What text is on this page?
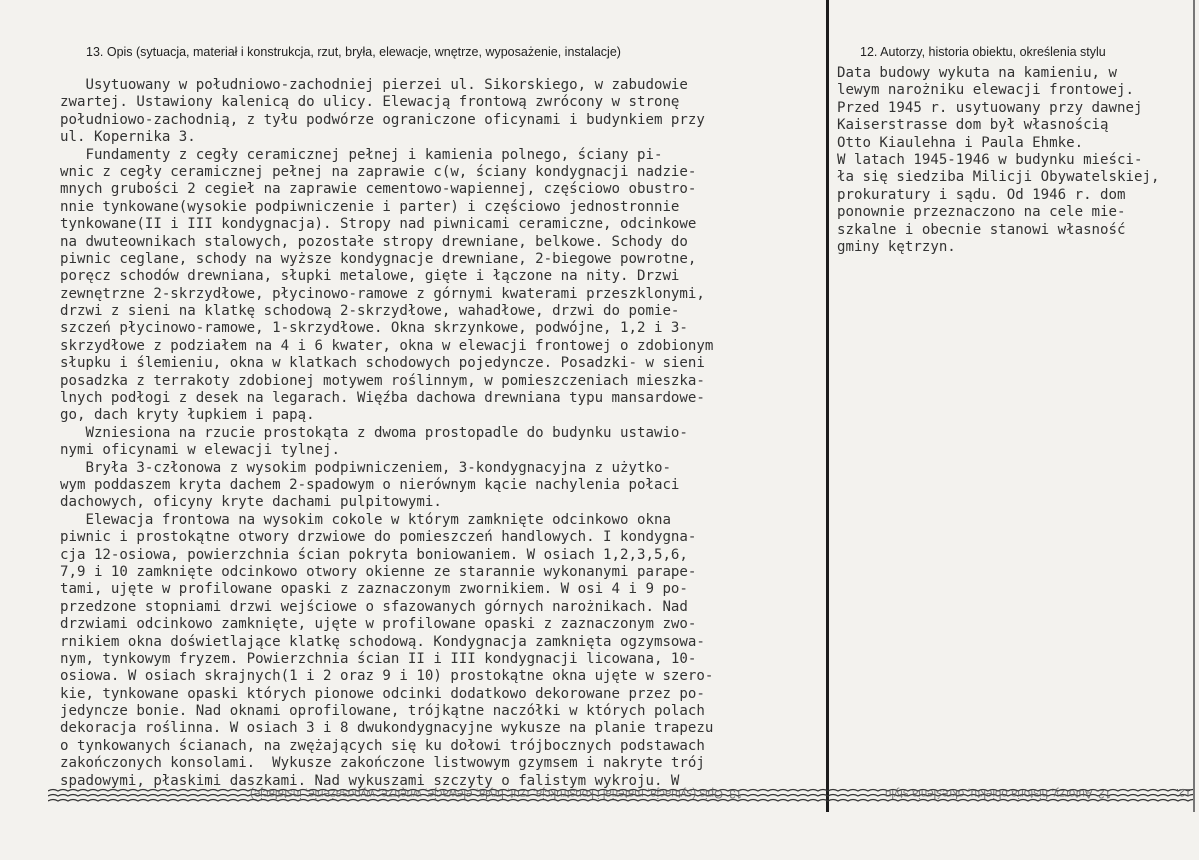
13. Opis (sytuacja, materiał i konstrukcja, rzut, bryła, elewacje, wnętrze, wyposażenie, instalacje)	12. Autorzy, historia obiektu, określenia stylu
Usytuowany w południowo-zachodniej pierzei ul. Sikorskiego, w zabudowie
zwartej. Ustawiony kalenicą do ulicy. Elewacją frontową zwrócony w stronę
południowo-zachodnią, z tyłu podwórze ograniczone oficynami i budynkiem przy
ul. Kopernika 3.
Fundamenty z cegły ceramicznej pełnej i kamienia polnego, ściany pi-
wnic z cegły ceramicznej pełnej na zaprawie c(w, ściany kondygnacji nadzie-
mnych grubości 2 cegieł na zaprawie cementowo-wapiennej, częściowo obustro-
nnie tynkowane(wysokie podpiwniczenie i parter) i częściowo jednostronnie
tynkowane(II i III kondygnacja). Stropy nad piwnicami ceramiczne, odcinkowe
na dwuteownikach stalowych, pozostałe stropy drewniane, belkowe. Schody do
piwnic ceglane, schody na wyższe kondygnacje drewniane, 2-biegowe powrotne,
poręcz schodów drewniana, słupki metalowe, gięte i łączone na nity. Drzwi
zewnętrzne 2-skrzydłowe, płycinowo-ramowe z górnymi kwaterami przeszklonymi,
drzwi z sieni na klatkę schodową 2-skrzydłowe, wahadłowe, drzwi do pomie-
szczeń płycinowo-ramowe, 1-skrzydłowe. Okna skrzynkowe, podwójne, 1,2 i 3-
skrzydłowe z podziałem na 4 i 6 kwater, okna w elewacji frontowej o zdobionym
słupku i ślemieniu, okna w klatkach schodowych pojedyncze. Posadzki- w sieni
posadzka z terrakoty zdobionej motywem roślinnym, w pomieszczeniach mieszka-
lnych podłogi z desek na legarach. Więźba dachowa drewniana typu mansardowe-
go, dach kryty łupkiem i papą.
Wzniesiona na rzucie prostokąta z dwoma prostopadle do budynku ustawio-
nymi oficynami w elewacji tylnej.
Bryła 3-członowa z wysokim podpiwniczeniem, 3-kondygnacyjna z użytko-
wym poddaszem kryta dachem 2-spadowym o nierównym kącie nachylenia połaci
dachowych, oficyny kryte dachami pulpitowymi.
Elewacja frontowa na wysokim cokole w którym zamknięte odcinkowo okna
piwnic i prostokątne otwory drzwiowe do pomieszczeń handlowych. I kondygna-
cja 12-osiowa, powierzchnia ścian pokryta boniowaniem. W osiach 1,2,3,5,6,
7,9 i 10 zamknięte odcinkowo otwory okienne ze starannie wykonanymi parape-
tami, ujęte w profilowane opaski z zaznaczonym zwornikiem. W osi 4 i 9 po-
przedzone stopniami drzwi wejściowe o sfazowanych górnych narożnikach. Nad
drzwiami odcinkowo zamknięte, ujęte w profilowane opaski z zaznaczonym zwo-
rnikiem okna doświetlające klatkę schodową. Kondygnacja zamknięta ogzymsowa-
nym, tynkowym fryzem. Powierzchnia ścian II i III kondygnacji licowana, 10-
osiowa. W osiach skrajnych(1 i 2 oraz 9 i 10) prostokątne okna ujęte w szero-
kie, tynkowane opaski których pionowe odcinki dodatkowo dekorowane przez po-
jedyncze bonie. Nad oknami oprofilowane, trójkątne naczółki w których polach
dekoracja roślinna. W osiach 3 i 8 dwukondygnacyjne wykusze na planie trapezu
o tynkowanych ścianach, na zwężających się ku dołowi trójbocznych podstawach
zakończonych konsolami.  Wykusze zakończone listwowym gzymsem i nakryte trój
spadowymi, płaskimi daszkami. Nad wykuszami szczyty o falistym wykroju. W
Data budowy wykuta na kamieniu, w
lewym narożniku elewacji frontowej.
Przed 1945 r. usytuowany przy dawnej
Kaiserstrasse dom był własnością
Otto Kiaulehna i Paula Ehmke.
W latach 1945-1946 w budynku mieści-
ła się siedziba Milicji Obywatelskiej,
prokuratury i sądu. Od 1946 r. dom
ponownie przeznaczono na cele mie-
szkalne i obecnie stanowi własność
gminy kętrzyn.
13. Opis (sytuacja, materiał i konstrukcja, rzut, bryła, elewacje, wnętrze, wyposażenie, instalacje)	12. Autorzy, historia obiektu, określenia stylu	12.
